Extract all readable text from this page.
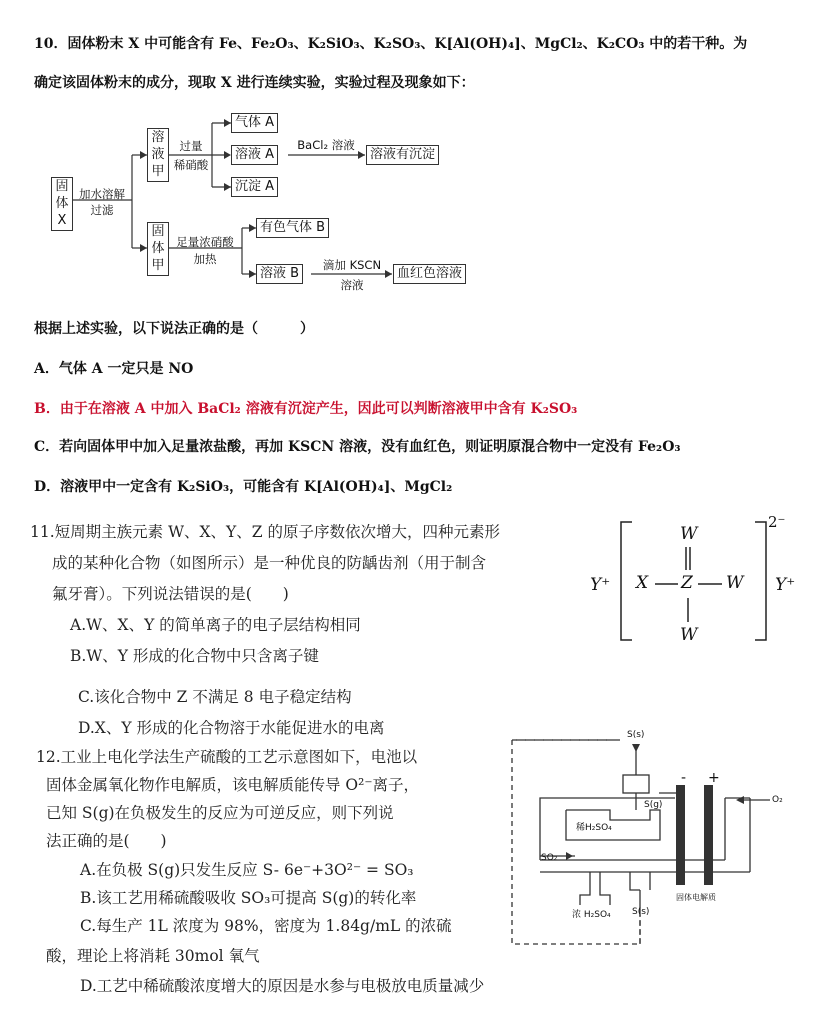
10．固体粉末 X 中可能含有 Fe、Fe₂O₃、K₂SiO₃、K₂SO₃、K[Al(OH)₄]、MgCl₂、K₂CO₃ 中的若干种。为
确定该固体粉末的成分，现取 X 进行连续实验，实验过程及现象如下：
固体X
加水溶解
过滤
溶液甲
固体甲
过量
稀硝酸
气体 A
溶液 A
沉淀 A
BaCl₂ 溶液
溶液有沉淀
足量浓硝酸
加热
有色气体 B
溶液 B
滴加 KSCN
溶液
血红色溶液
根据上述实验，以下说法正确的是（　　　）
A．气体 A 一定只是 NO
B．由于在溶液 A 中加入 BaCl₂ 溶液有沉淀产生，因此可以判断溶液甲中含有 K₂SO₃
C．若向固体甲中加入足量浓盐酸，再加 KSCN 溶液，没有血红色，则证明原混合物中一定没有 Fe₂O₃
D．溶液甲中一定含有 K₂SiO₃，可能含有 K[Al(OH)₄]、MgCl₂
11.短周期主族元素 W、X、Y、Z 的原子序数依次增大，四种元素形
成的某种化合物（如图所示）是一种优良的防龋齿剂（用于制含
氟牙膏）。下列说法错误的是(　　)
A.W、X、Y 的简单离子的电子层结构相同
B.W、Y 形成的化合物中只含离子键
C.该化合物中 Z 不满足 8 电子稳定结构
D.X、Y 形成的化合物溶于水能促进水的电离
W
X Z W
W
Y⁺	Y⁺
2⁻
12.工业上电化学法生产硫酸的工艺示意图如下，电池以
固体金属氧化物作电解质，该电解质能传导 O²⁻离子，
已知 S(g)在负极发生的反应为可逆反应，则下列说
法正确的是(　　)
A.在负极 S(g)只发生反应 S- 6e⁻+3O²⁻ = SO₃
B.该工艺用稀硫酸吸收 SO₃可提高 S(g)的转化率
C.每生产 1L 浓度为 98%，密度为 1.84g/mL 的浓硫
酸，理论上将消耗 30mol 氧气
D.工艺中稀硫酸浓度增大的原因是水参与电极放电质量减少
S(s)
S(g)
- +
O₂
稀H₂SO₄
SO₂
浓 H₂SO₄ S(s)
固体电解质
